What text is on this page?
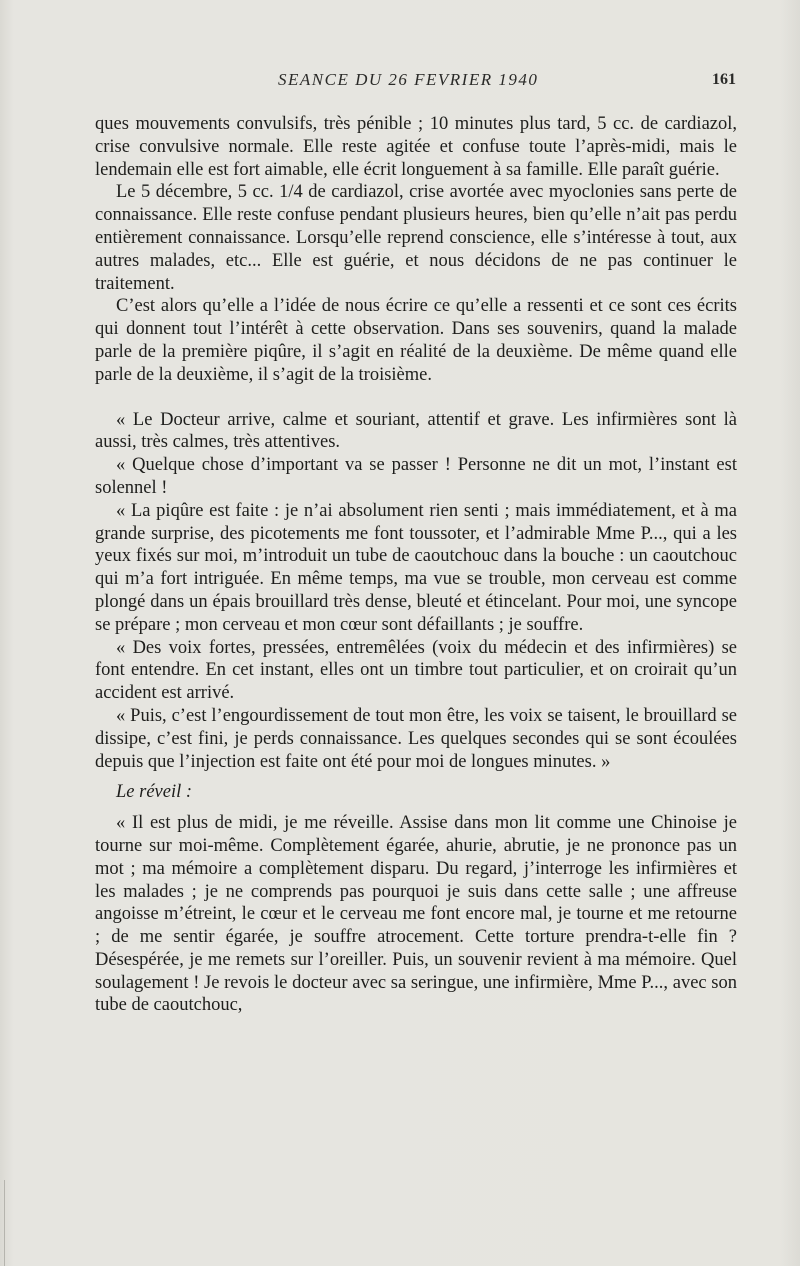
SEANCE DU 26 FEVRIER 1940	161

ques mouvements convulsifs, très pénible ; 10 minutes plus tard, 5 cc. de cardiazol, crise convulsive normale. Elle reste agitée et confuse toute l’après-midi, mais le lendemain elle est fort aimable, elle écrit longuement à sa famille. Elle paraît guérie.

Le 5 décembre, 5 cc. 1/4 de cardiazol, crise avortée avec myoclonies sans perte de connaissance. Elle reste confuse pendant plusieurs heures, bien qu’elle n’ait pas perdu entièrement connaissance. Lorsqu’elle reprend conscience, elle s’intéresse à tout, aux autres malades, etc... Elle est guérie, et nous décidons de ne pas continuer le traitement.

C’est alors qu’elle a l’idée de nous écrire ce qu’elle a ressenti et ce sont ces écrits qui donnent tout l’intérêt à cette observation. Dans ses souvenirs, quand la malade parle de la première piqûre, il s’agit en réalité de la deuxième. De même quand elle parle de la deuxième, il s’agit de la troisième.

« Le Docteur arrive, calme et souriant, attentif et grave. Les infirmières sont là aussi, très calmes, très attentives.

« Quelque chose d’important va se passer ! Personne ne dit un mot, l’instant est solennel !

« La piqûre est faite : je n’ai absolument rien senti ; mais immédiatement, et à ma grande surprise, des picotements me font toussoter, et l’admirable Mme P..., qui a les yeux fixés sur moi, m’introduit un tube de caoutchouc dans la bouche : un caoutchouc qui m’a fort intriguée. En même temps, ma vue se trouble, mon cerveau est comme plongé dans un épais brouillard très dense, bleuté et étincelant. Pour moi, une syncope se prépare ; mon cerveau et mon cœur sont défaillants ; je souffre.

« Des voix fortes, pressées, entremêlées (voix du médecin et des infirmières) se font entendre. En cet instant, elles ont un timbre tout particulier, et on croirait qu’un accident est arrivé.

« Puis, c’est l’engourdissement de tout mon être, les voix se taisent, le brouillard se dissipe, c’est fini, je perds connaissance. Les quelques secondes qui se sont écoulées depuis que l’injection est faite ont été pour moi de longues minutes. »

Le réveil :

« Il est plus de midi, je me réveille. Assise dans mon lit comme une Chinoise je tourne sur moi-même. Complètement égarée, ahurie, abrutie, je ne prononce pas un mot ; ma mémoire a complètement disparu. Du regard, j’interroge les infirmières et les malades ; je ne comprends pas pourquoi je suis dans cette salle ; une affreuse angoisse m’étreint, le cœur et le cerveau me font encore mal, je tourne et me retourne ; de me sentir égarée, je souffre atrocement. Cette torture prendra-t-elle fin ? Désespérée, je me remets sur l’oreiller. Puis, un souvenir revient à ma mémoire. Quel soulagement ! Je revois le docteur avec sa seringue, une infirmière, Mme P..., avec son tube de caoutchouc,
